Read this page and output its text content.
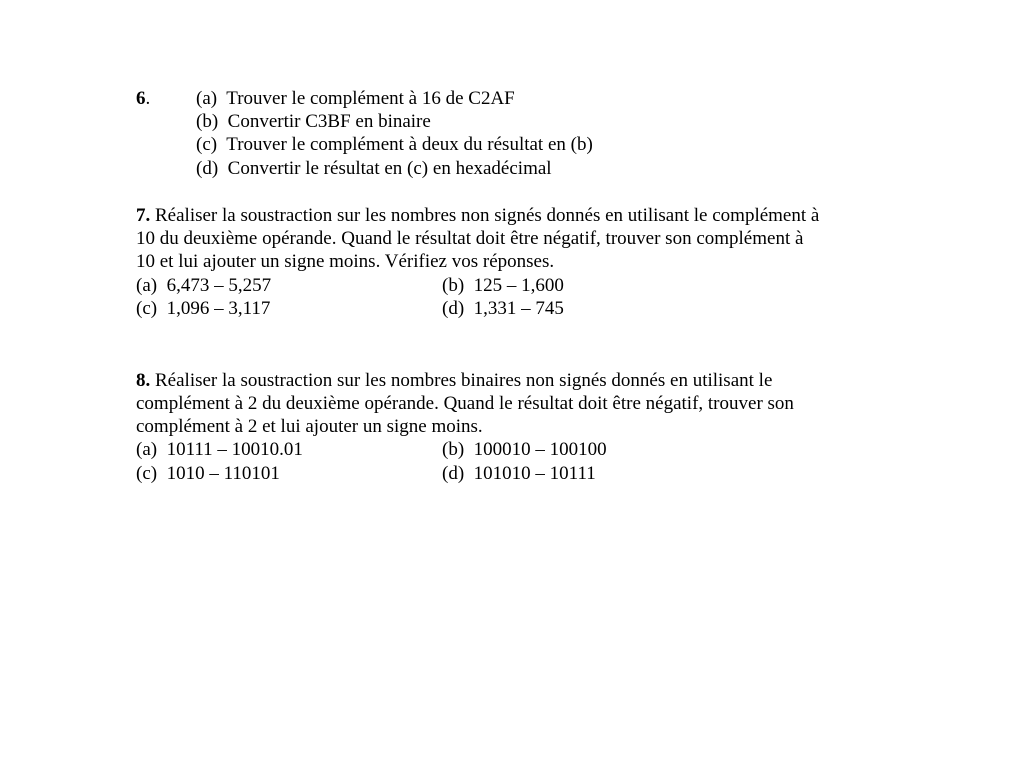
6. (a) Trouver le complément à 16 de C2AF
(b) Convertir C3BF en binaire
(c) Trouver le complément à deux du résultat en (b)
(d) Convertir le résultat en (c) en hexadécimal
7. Réaliser la soustraction sur les nombres non signés donnés en utilisant le complément à
10 du deuxième opérande. Quand le résultat doit être négatif, trouver son complément à
10 et lui ajouter un signe moins. Vérifiez vos réponses.
(a) 6,473 – 5,257	(b) 125 – 1,600
(c) 1,096 – 3,117	(d) 1,331 – 745
8. Réaliser la soustraction sur les nombres binaires non signés donnés en utilisant le
complément à 2 du deuxième opérande. Quand le résultat doit être négatif, trouver son
complément à 2 et lui ajouter un signe moins.
(a) 10111 – 10010.01	(b) 100010 – 100100
(c) 1010 – 110101	(d) 101010 – 10111
